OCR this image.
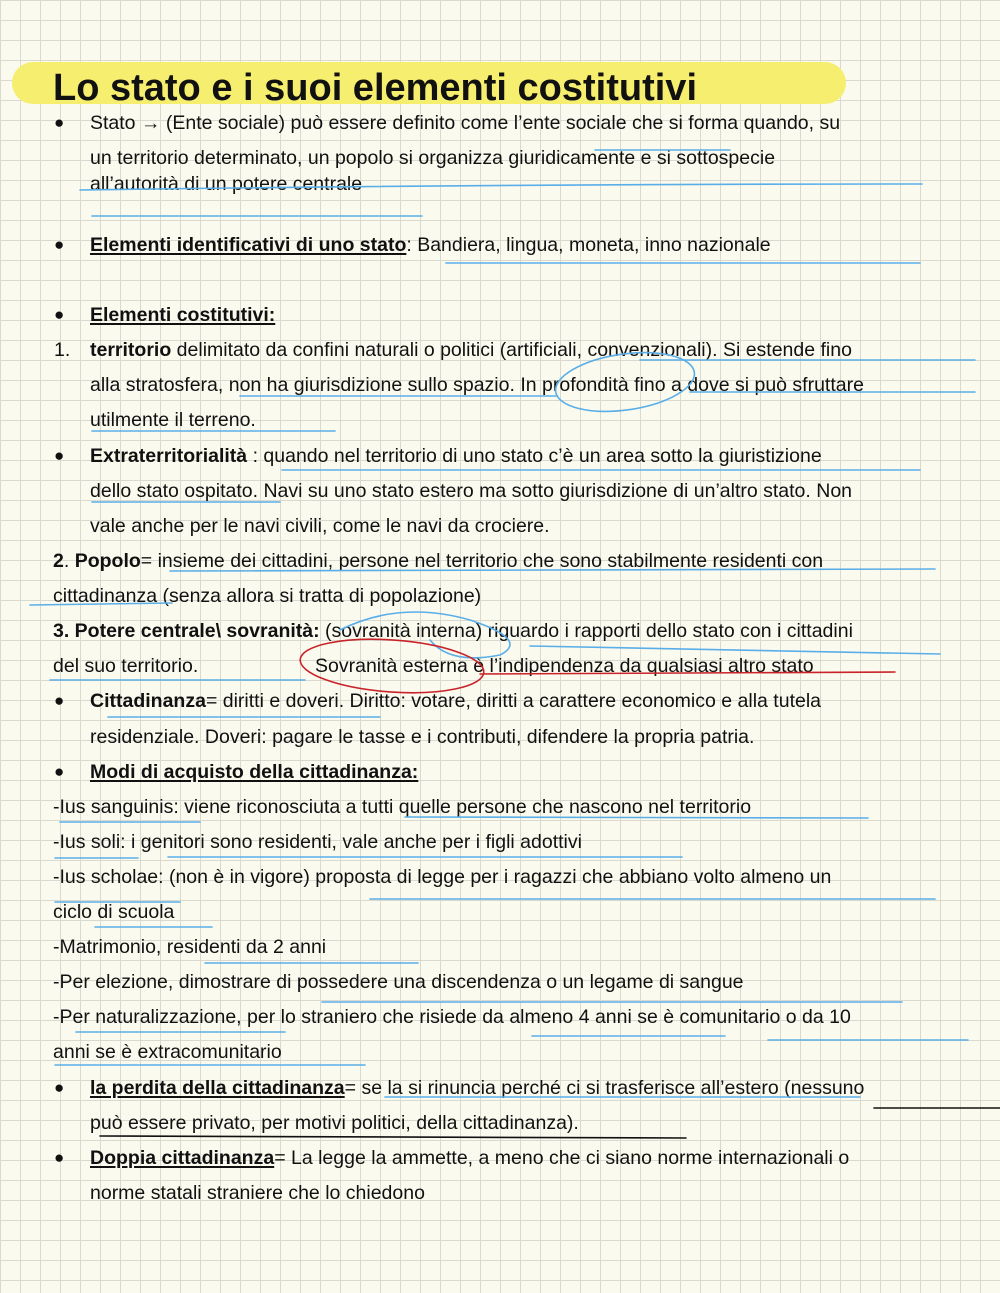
Lo stato e i suoi elementi costitutivi
● Stato → (Ente sociale) può essere definito come l’ente sociale che si forma quando, su
un territorio determinato, un popolo si organizza giuridicamente e si sottospecie
all’autorità di un potere centrale
● Elementi identificativi di uno stato: Bandiera, lingua, moneta, inno nazionale
● Elementi costitutivi:
1. territorio delimitato da confini naturali o politici (artificiali, convenzionali). Si estende fino
alla stratosfera, non ha giurisdizione sullo spazio. In profondità fino a dove si può sfruttare
utilmente il terreno.
● Extraterritorialità : quando nel territorio di uno stato c’è un area sotto la giuristizione
dello stato ospitato. Navi su uno stato estero ma sotto giurisdizione di un’altro stato. Non
vale anche per le navi civili, come le navi da crociere.
2. Popolo= insieme dei cittadini, persone nel territorio che sono stabilmente residenti con
cittadinanza (senza allora si tratta di popolazione)
3. Potere centrale\ sovranità: (sovranità interna) riguardo i rapporti dello stato con i cittadini
del suo territorio.	Sovranità esterna è l’indipendenza da qualsiasi altro stato
● Cittadinanza= diritti e doveri. Diritto: votare, diritti a carattere economico e alla tutela
residenziale. Doveri: pagare le tasse e i contributi, difendere la propria patria.
● Modi di acquisto della cittadinanza:
-Ius sanguinis: viene riconosciuta a tutti quelle persone che nascono nel territorio
-Ius soli: i genitori sono residenti, vale anche per i figli adottivi
-Ius scholae: (non è in vigore) proposta di legge per i ragazzi che abbiano volto almeno un
ciclo di scuola
-Matrimonio, residenti da 2 anni
-Per elezione, dimostrare di possedere una discendenza o un legame di sangue
-Per naturalizzazione, per lo straniero che risiede da almeno 4 anni se è comunitario o da 10
anni se è extracomunitario
● la perdita della cittadinanza= se la si rinuncia perché ci si trasferisce all’estero (nessuno
può essere privato, per motivi politici, della cittadinanza).
● Doppia cittadinanza= La legge la ammette, a meno che ci siano norme internazionali o
norme statali straniere che lo chiedono
